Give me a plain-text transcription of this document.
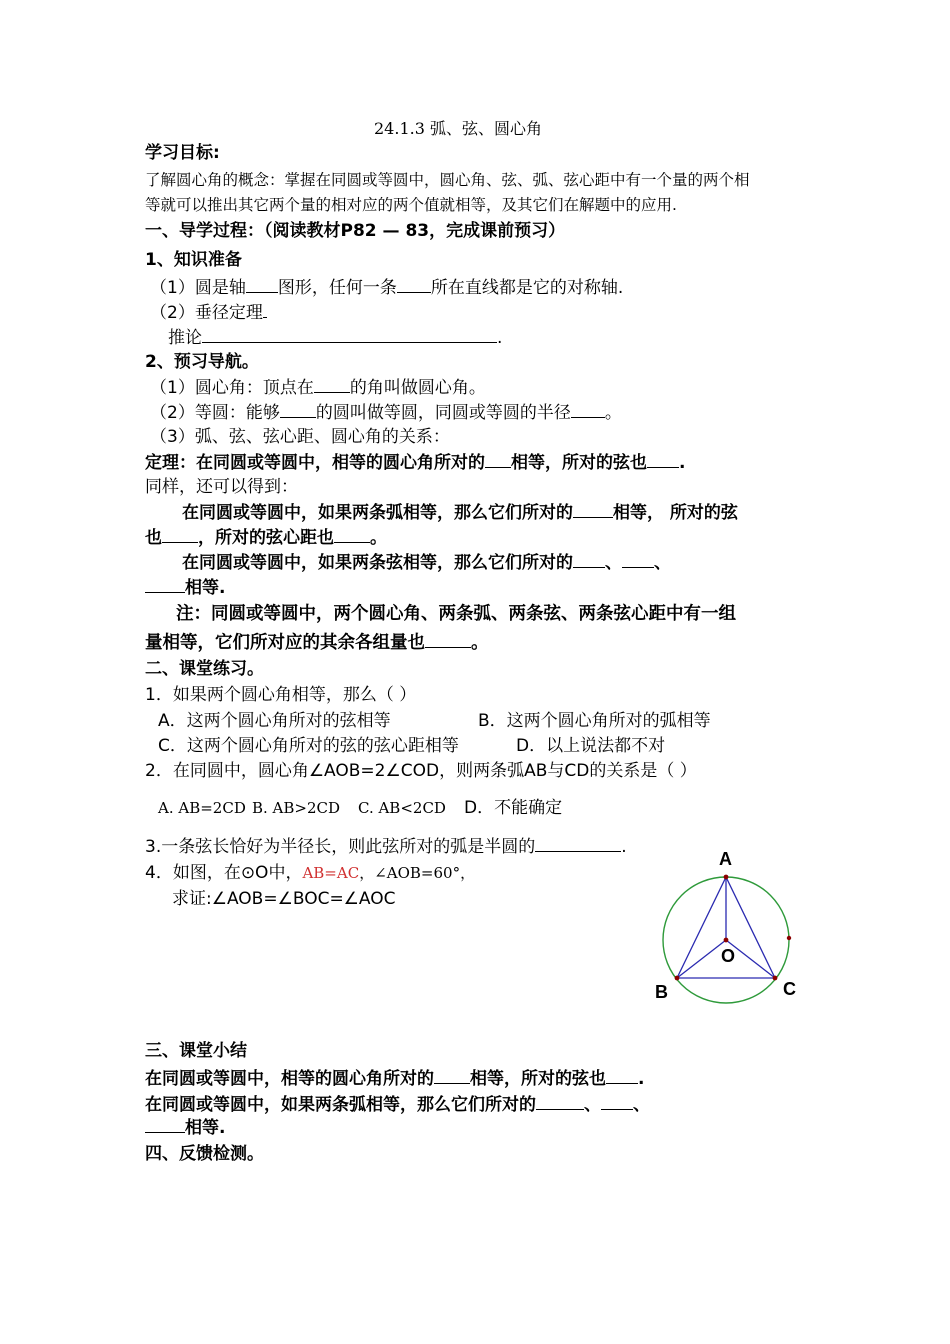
24.1.3 弧、弦、圆心角
学习目标:
了解圆心角的概念：掌握在同圆或等圆中，圆心角、弦、弧、弦心距中有一个量的两个相
等就可以推出其它两个量的相对应的两个值就相等，及其它们在解题中的应用.
一、导学过程：（阅读教材P82 — 83，完成课前预习）
1、知识准备
（1）圆是轴 图形，任何一条 所在直线都是它的对称轴.
（2）垂径定理
推论	.
2、预习导航。
（1）圆心角：顶点在 的角叫做圆心角。
（2）等圆：能够 的圆叫做等圆，同圆或等圆的半径 。
（3）弧、弦、弦心距、圆心角的关系：
定理：在同圆或等圆中，相等的圆心角所对的 相等，所对的弦也 .
同样，还可以得到：
在同圆或等圆中，如果两条弧相等，那么它们所对的 相等， 所对的弦
也 ，所对的弦心距也 。
在同圆或等圆中，如果两条弦相等，那么它们所对的 、 、
相等.
注：同圆或等圆中，两个圆心角、两条弧、两条弦、两条弦心距中有一组
量相等，它们所对应的其余各组量也	。
二、课堂练习。
1．如果两个圆心角相等，那么（ ）
A．这两个圆心角所对的弦相等	B．这两个圆心角所对的弧相等
C．这两个圆心角所对的弦的弦心距相等	D．以上说法都不对
2．在同圆中，圆心角∠AOB=2∠COD，则两条弧AB与CD的关系是（ ）
A. AB=2CD B. AB>2CD C. AB<2CD D．不能确定
3.一条弦长恰好为半径长，则此弦所对的弧是半圆的	.
4．如图，在⊙O中，AB=AC，∠AOB=60°，
求证:∠AOB=∠BOC=∠AOC
A
B	C
O
三、课堂小结
在同圆或等圆中，相等的圆心角所对的 相等，所对的弦也 .
在同圆或等圆中，如果两条弧相等，那么它们所对的	、 、
相等.
四、反馈检测。
